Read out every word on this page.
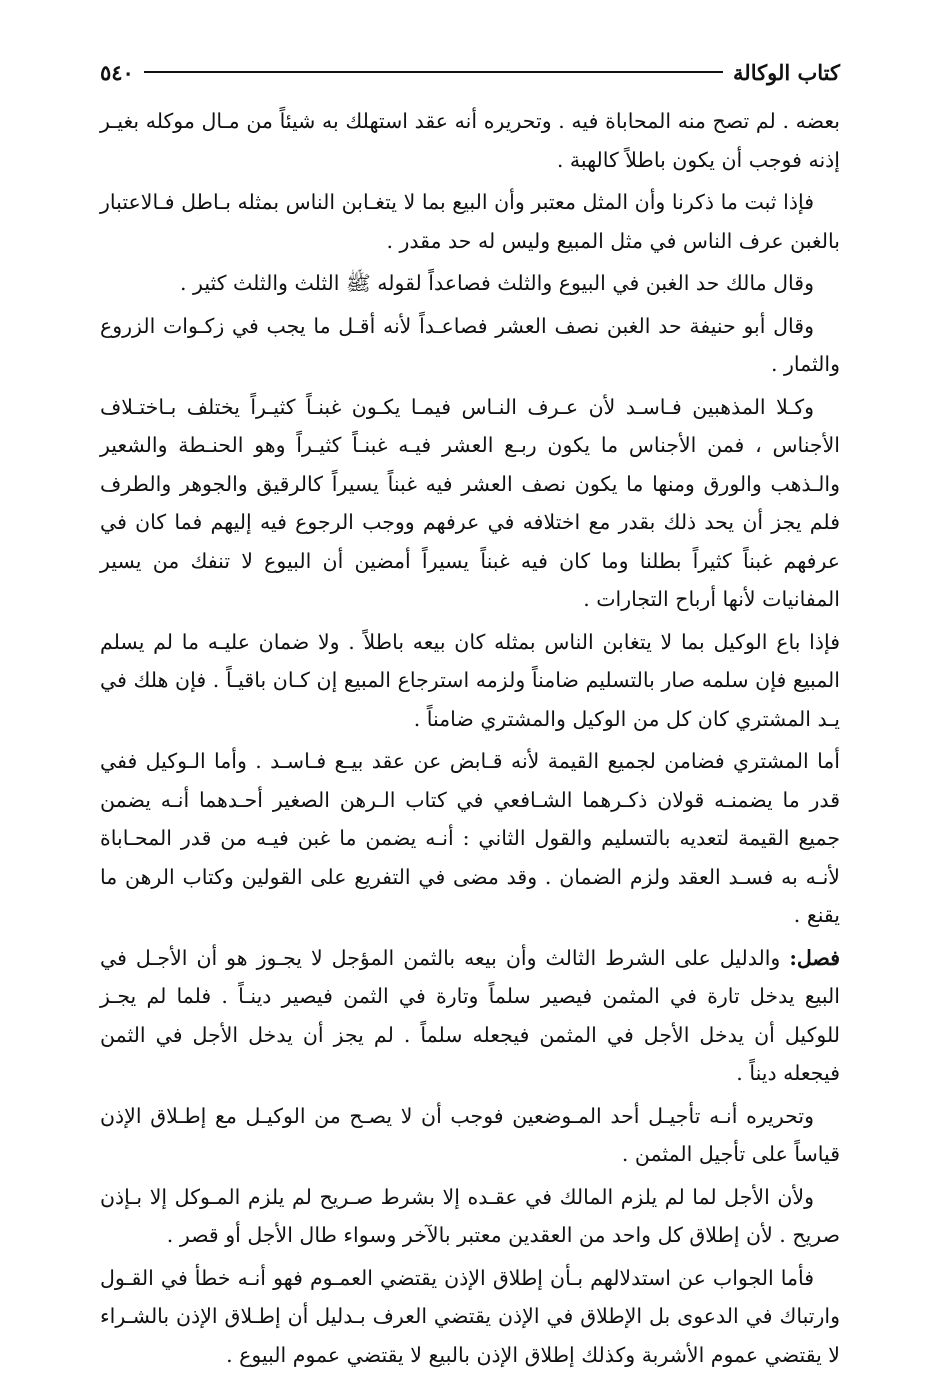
كتاب الوكالة
٥٤٠

بعضه . لم تصح منه المحاباة فيه . وتحريره أنه عقد استهلك به شيئاً من مـال موكله بغيـر إذنه فوجب أن يكون باطلاً كالهبة .

فإذا ثبت ما ذكرنا وأن المثل معتبر وأن البيع بما لا يتغـابن الناس بمثله بـاطل فـالاعتبار بالغبن عرف الناس في مثل المبيع وليس له حد مقدر .

وقال مالك حد الغبن في البيوع والثلث فصاعداً لقوله ﷺ الثلث والثلث كثير .

وقال أبو حنيفة حد الغبن نصف العشر فصاعـداً لأنه أقـل ما يجب في زكـوات الزروع والثمار .

وكـلا المذهبين فـاسـد لأن عـرف النـاس فيمـا يكـون غبنـاً كثيـراً يختلف بـاختـلاف الأجناس ، فمن الأجناس ما يكون ربـع العشر فيـه غبنـاً كثيـراً وهو الحنـطة والشعير والـذهب والورق ومنها ما يكون نصف العشر فيه غبناً يسيراً كالرقيق والجوهر والطرف فلم يجز أن يحد ذلك بقدر مع اختلافه في عرفهم ووجب الرجوع فيه إليهم فما كان في عرفهم غبناً كثيراً بطلنا وما كان فيه غبناً يسيراً أمضين أن البيوع لا تنفك من يسير المفانيات لأنها أرباح التجارات .

فإذا باع الوكيل بما لا يتغابن الناس بمثله كان بيعه باطلاً . ولا ضمان عليـه ما لم يسلم المبيع فإن سلمه صار بالتسليم ضامناً ولزمه استرجاع المبيع إن كـان باقيـاً . فإن هلك في يـد المشتري كان كل من الوكيل والمشتري ضامناً .

أما المشتري فضامن لجميع القيمة لأنه قـابض عن عقد بيـع فـاسـد . وأما الـوكيل ففي قدر ما يضمنـه قولان ذكـرهما الشـافعي في كتاب الـرهن الصغير أحـدهما أنـه يضمن جميع القيمة لتعديه بالتسليم والقول الثاني : أنـه يضمن ما غبن فيـه من قدر المحـاباة لأنـه به فسـد العقد ولزم الضمان . وقد مضى في التفريع على القولين وكتاب الرهن ما يقنع .

فصل: والدليل على الشرط الثالث وأن بيعه بالثمن المؤجل لا يجـوز هو أن الأجـل في البيع يدخل تارة في المثمن فيصير سلماً وتارة في الثمن فيصير دينـاً . فلما لم يجـز للوكيل أن يدخل الأجل في المثمن فيجعله سلماً . لم يجز أن يدخل الأجل في الثمن فيجعله ديناً .

وتحريره أنـه تأجيـل أحد المـوضعين فوجب أن لا يصـح من الوكيـل مع إطـلاق الإذن قياساً على تأجيل المثمن .

ولأن الأجل لما لم يلزم المالك في عقـده إلا بشرط صـريح لم يلزم المـوكل إلا بـإذن صريح . لأن إطلاق كل واحد من العقدين معتبر بالآخر وسواء طال الأجل أو قصر .

فأما الجواب عن استدلالهم بـأن إطلاق الإذن يقتضي العمـوم فهو أنـه خطأ في القـول وارتباك في الدعوى بل الإطلاق في الإذن يقتضي العرف بـدليل أن إطـلاق الإذن بالشـراء لا يقتضي عموم الأشربة وكذلك إطلاق الإذن بالبيع لا يقتضي عموم البيوع .
